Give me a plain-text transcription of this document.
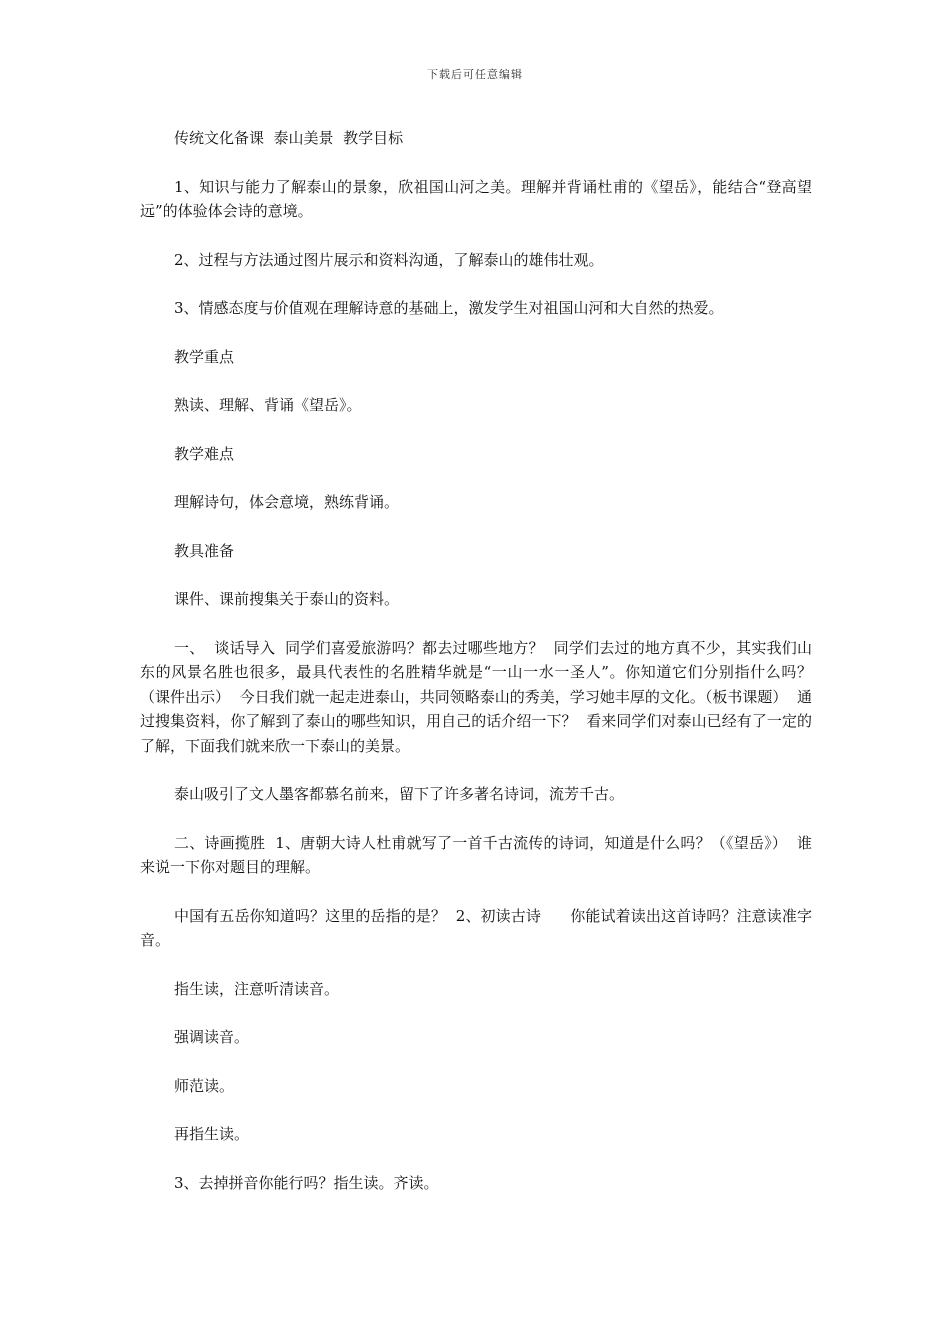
下载后可任意编辑

传统文化备课  泰山美景  教学目标

1、知识与能力了解泰山的景象，欣祖国山河之美。理解并背诵杜甫的《望岳》，能结合“登高望远”的体验体会诗的意境。

2、过程与方法通过图片展示和资料沟通，了解泰山的雄伟壮观。

3、情感态度与价值观在理解诗意的基础上，激发学生对祖国山河和大自然的热爱。

教学重点

熟读、理解、背诵《望岳》。

教学难点

理解诗句，体会意境，熟练背诵。

教具准备

课件、课前搜集关于泰山的资料。

一、  谈话导入  同学们喜爱旅游吗？都去过哪些地方？  同学们去过的地方真不少，其实我们山东的风景名胜也很多，最具代表性的名胜精华就是“一山一水一圣人”。你知道它们分别指什么吗？（课件出示）  今日我们就一起走进泰山，共同领略泰山的秀美，学习她丰厚的文化。（板书课题）  通过搜集资料，你了解到了泰山的哪些知识，用自己的话介绍一下？  看来同学们对泰山已经有了一定的了解，下面我们就来欣一下泰山的美景。

泰山吸引了文人墨客都慕名前来，留下了许多著名诗词，流芳千古。

二、诗画揽胜  1、唐朝大诗人杜甫就写了一首千古流传的诗词，知道是什么吗？（《望岳》）  谁来说一下你对题目的理解。

中国有五岳你知道吗？这里的岳指的是？  2、初读古诗      你能试着读出这首诗吗？注意读准字音。

指生读，注意听清读音。

强调读音。

师范读。

再指生读。

3、去掉拼音你能行吗？指生读。齐读。
